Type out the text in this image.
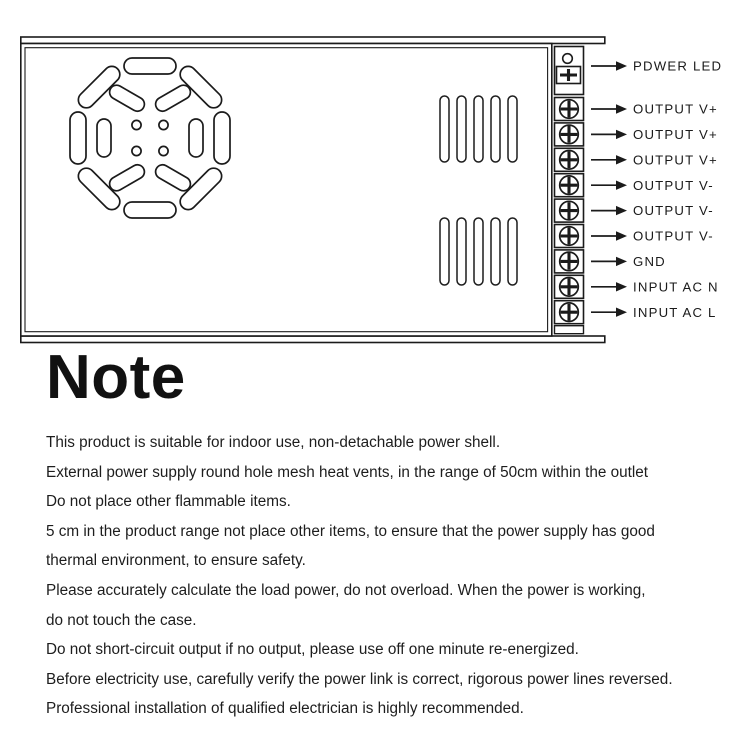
PDWER LED
OUTPUT V+
OUTPUT V+
OUTPUT V+
OUTPUT V-
OUTPUT V-
OUTPUT V-
GND
INPUT AC N
INPUT AC L
Note
This product is suitable for indoor use, non-detachable power shell.
External power supply round hole mesh heat vents, in the range of 50cm within the outlet
Do not place other flammable items.
5 cm in the product range not place other items, to ensure that the power supply has good
thermal environment, to ensure safety.
Please accurately calculate the load power, do not overload. When the power is working,
do not touch the case.
Do not short-circuit output if no output, please use off one minute re-energized.
Before electricity use, carefully verify the power link is correct, rigorous power lines reversed.
Professional installation of qualified electrician is highly recommended.
